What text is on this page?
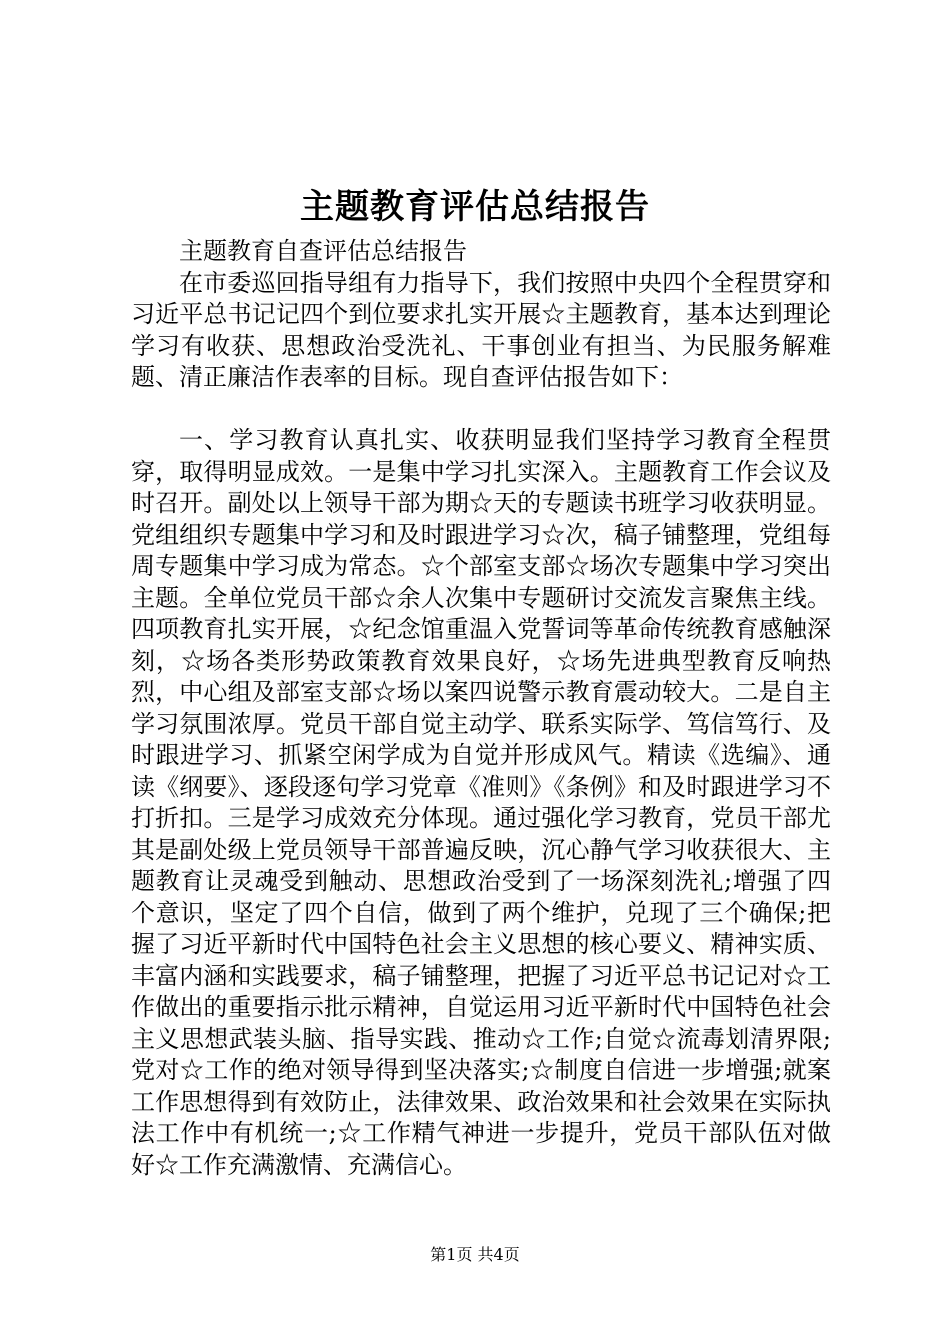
主题教育评估总结报告

主题教育自查评估总结报告

在市委巡回指导组有力指导下，我们按照中央四个全程贯穿和习近平总书记记四个到位要求扎实开展☆主题教育，基本达到理论学习有收获、思想政治受洗礼、干事创业有担当、为民服务解难题、清正廉洁作表率的目标。现自查评估报告如下：

一、学习教育认真扎实、收获明显我们坚持学习教育全程贯穿，取得明显成效。一是集中学习扎实深入。主题教育工作会议及时召开。副处以上领导干部为期☆天的专题读书班学习收获明显。党组组织专题集中学习和及时跟进学习☆次，稿子铺整理，党组每周专题集中学习成为常态。☆个部室支部☆场次专题集中学习突出主题。全单位党员干部☆余人次集中专题研讨交流发言聚焦主线。四项教育扎实开展，☆纪念馆重温入党誓词等革命传统教育感触深刻，☆场各类形势政策教育效果良好，☆场先进典型教育反响热烈，中心组及部室支部☆场以案四说警示教育震动较大。二是自主学习氛围浓厚。党员干部自觉主动学、联系实际学、笃信笃行、及时跟进学习、抓紧空闲学成为自觉并形成风气。精读《选编》、通读《纲要》、逐段逐句学习党章《准则》《条例》和及时跟进学习不打折扣。三是学习成效充分体现。通过强化学习教育，党员干部尤其是副处级上党员领导干部普遍反映，沉心静气学习收获很大、主题教育让灵魂受到触动、思想政治受到了一场深刻洗礼;增强了四个意识，坚定了四个自信，做到了两个维护，兑现了三个确保;把握了习近平新时代中国特色社会主义思想的核心要义、精神实质、丰富内涵和实践要求，稿子铺整理，把握了习近平总书记记对☆工作做出的重要指示批示精神，自觉运用习近平新时代中国特色社会主义思想武装头脑、指导实践、推动☆工作;自觉☆流毒划清界限;党对☆工作的绝对领导得到坚决落实;☆制度自信进一步增强;就案工作思想得到有效防止，法律效果、政治效果和社会效果在实际执法工作中有机统一;☆工作精气神进一步提升，党员干部队伍对做好☆工作充满激情、充满信心。

第1页 共4页
